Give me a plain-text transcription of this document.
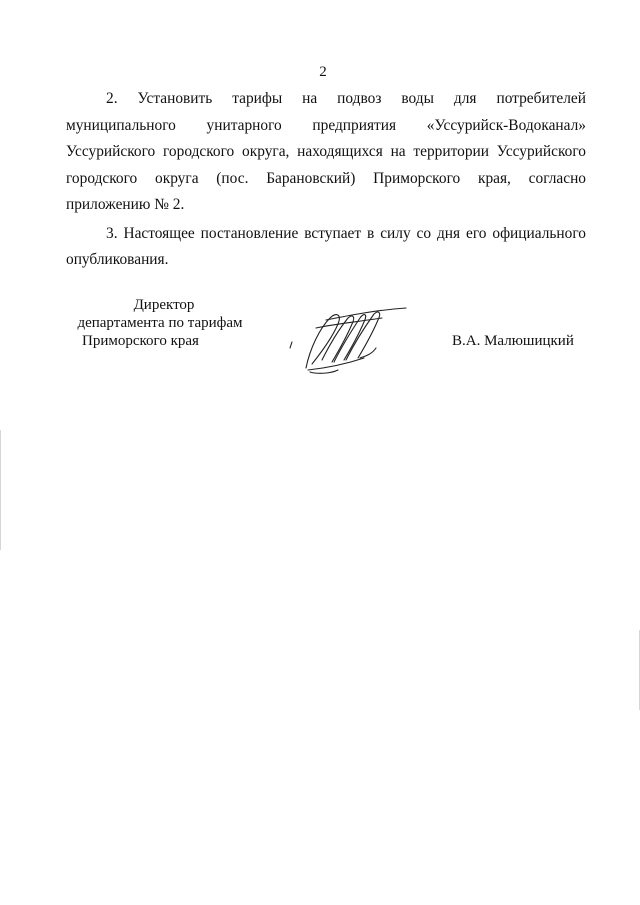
2

2. Установить тарифы на подвоз воды для потребителей муниципального унитарного предприятия «Уссурийск-Водоканал» Уссурийского городского округа, находящихся на территории Уссурийского городского округа (пос. Барановский) Приморского края, согласно приложению № 2.

3. Настоящее постановление вступает в силу со дня его официального опубликования.

Директор
департамента по тарифам
Приморского края	В.А. Малюшицкий
